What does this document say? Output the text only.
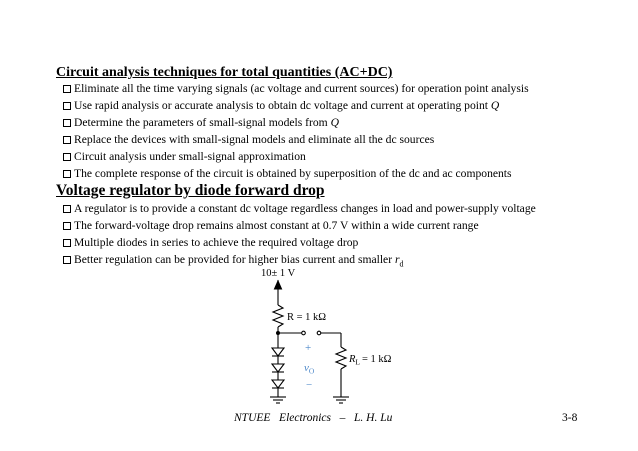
Circuit analysis techniques for total quantities (AC+DC)
Eliminate all the time varying signals (ac voltage and current sources) for operation point analysis
Use rapid analysis or accurate analysis to obtain dc voltage and current at operating point Q
Determine the parameters of small-signal models from Q
Replace the devices with small-signal models and eliminate all the dc sources
Circuit analysis under small-signal approximation
The complete response of the circuit is obtained by superposition of the dc and ac components
Voltage regulator by diode forward drop
A regulator is to provide a constant dc voltage regardless changes in load and power-supply voltage
The forward-voltage drop remains almost constant at 0.7 V within a wide current range
Multiple diodes in series to achieve the required voltage drop
Better regulation can be provided for higher bias current and smaller $r_d$
10± 1 V
R = 1 kΩ
$R_L = 1$ kΩ
+
$v_O$
−
NTUEE   Electronics   –   L. H. Lu	3-8
